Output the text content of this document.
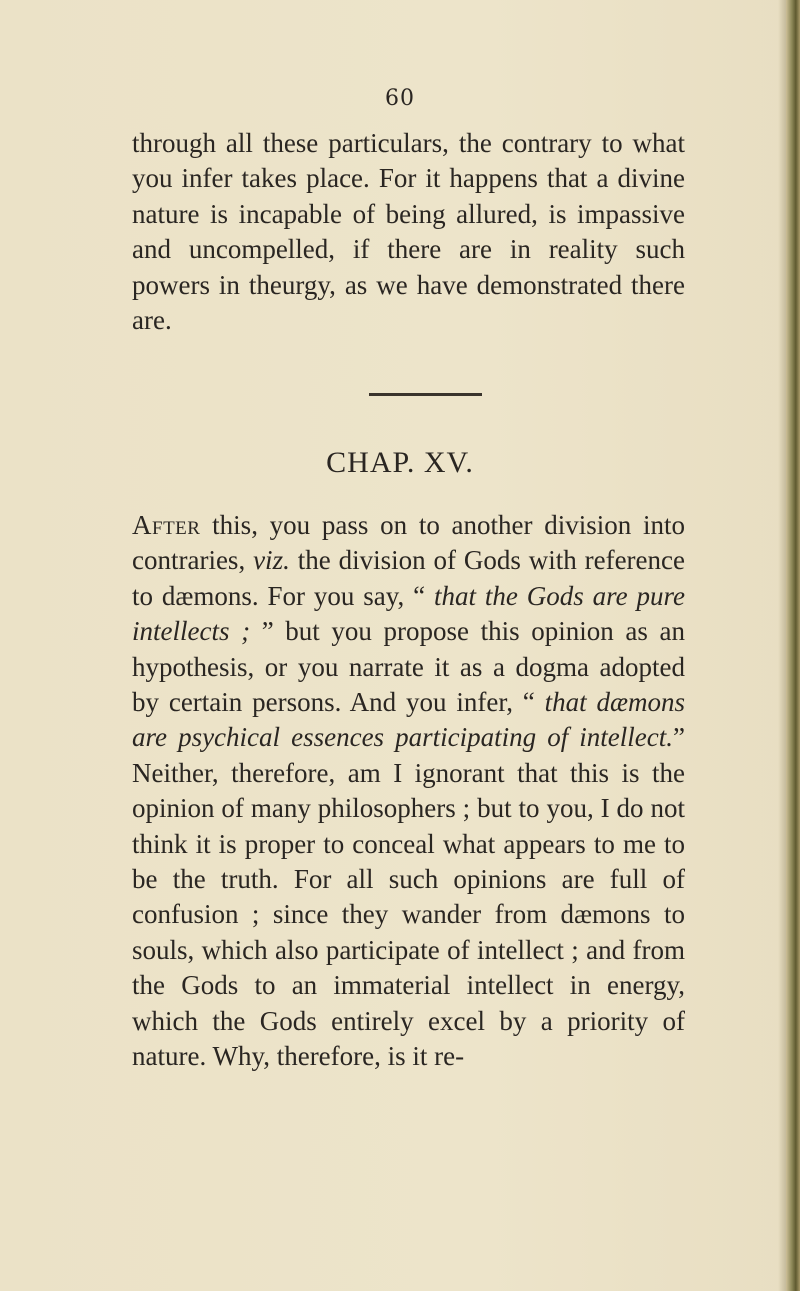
60

through all these particulars, the contrary to what you infer takes place. For it happens that a divine nature is incapable of being allured, is impassive and uncompelled, if there are in reality such powers in theurgy, as we have demonstrated there are.

CHAP. XV.

After this, you pass on to another division into contraries, viz. the division of Gods with reference to dæmons. For you say, “ that the Gods are pure intellects ; ” but you propose this opinion as an hypothesis, or you narrate it as a dogma adopted by certain persons. And you infer, “ that dæmons are psychical essences participating of intellect.” Neither, therefore, am I ignorant that this is the opinion of many philosophers ; but to you, I do not think it is proper to conceal what appears to me to be the truth. For all such opinions are full of confusion ; since they wander from dæmons to souls, which also participate of intellect ; and from the Gods to an immaterial intellect in energy, which the Gods entirely excel by a priority of nature. Why, therefore, is it re-
